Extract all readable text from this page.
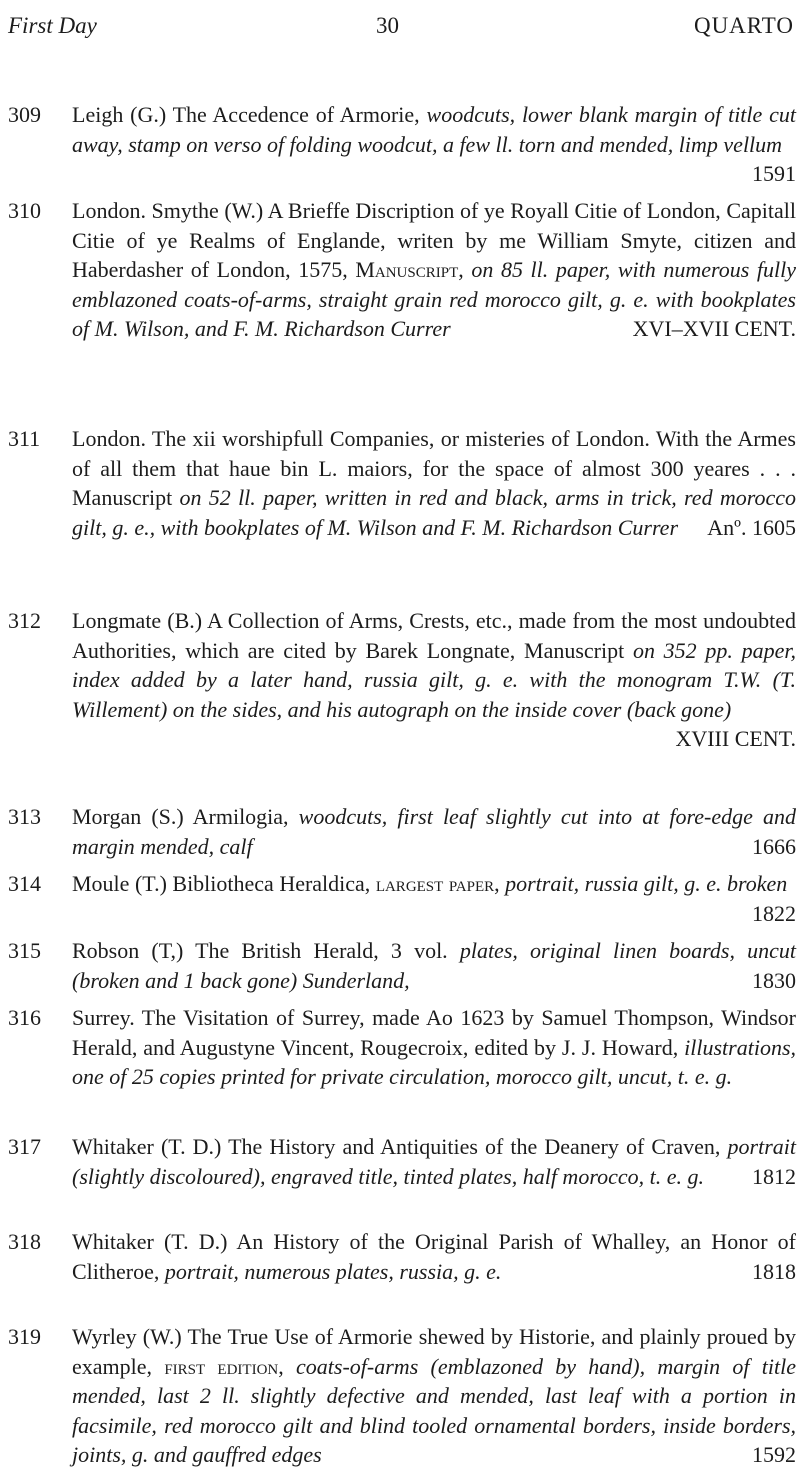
First Day	30	QUARTO
309 Leigh (G.) The Accedence of Armorie, woodcuts, lower blank margin of title cut away, stamp on verso of folding woodcut, a few ll. torn and mended, limp vellum
1591
310 London. Smythe (W.) A Brieffe Discription of ye Royall Citie of London, Capitall Citie of ye Realms of Englande, writen by me William Smyte, citizen and Haberdasher of London, 1575, Manuscript, on 85 ll. paper, with numerous fully emblazoned coats-of-arms, straight grain red morocco gilt, g. e. with bookplates of M. Wilson, and F. M. Richardson Currer	XVI–XVII CENT.
311 London. The xii worshipfull Companies, or misteries of London. With the Armes of all them that haue bin L. maiors, for the space of almost 300 yeares . . . Manuscript on 52 ll. paper, written in red and black, arms in trick, red morocco gilt, g. e., with bookplates of M. Wilson and F. M. Richardson Currer Anº. 1605
312 Longmate (B.) A Collection of Arms, Crests, etc., made from the most undoubted Authorities, which are cited by Barek Longnate, Manuscript on 352 pp. paper, index added by a later hand, russia gilt, g. e. with the monogram T.W. (T. Willement) on the sides, and his autograph on the inside cover (back gone)
XVIII CENT.
313 Morgan (S.) Armilogia, woodcuts, first leaf slightly cut into at fore-edge and margin mended, calf	1666
314 Moule (T.) Bibliotheca Heraldica, largest paper, portrait, russia gilt, g. e. broken
1822
315 Robson (T,) The British Herald, 3 vol. plates, original linen boards, uncut (broken and 1 back gone) Sunderland,	1830
316 Surrey. The Visitation of Surrey, made Ao 1623 by Samuel Thompson, Windsor Herald, and Augustyne Vincent, Rougecroix, edited by J. J. Howard, illustrations, one of 25 copies printed for private circulation, morocco gilt, uncut, t. e. g.
317 Whitaker (T. D.) The History and Antiquities of the Deanery of Craven, portrait (slightly discoloured), engraved title, tinted plates, half morocco, t. e. g. 1812
318 Whitaker (T. D.) An History of the Original Parish of Whalley, an Honor of Clitheroe, portrait, numerous plates, russia, g. e.	1818
319 Wyrley (W.) The True Use of Armorie shewed by Historie, and plainly proued by example, first edition, coats-of-arms (emblazoned by hand), margin of title mended, last 2 ll. slightly defective and mended, last leaf with a portion in facsimile, red morocco gilt and blind tooled ornamental borders, inside borders, joints, g. and gauffred edges	1592
